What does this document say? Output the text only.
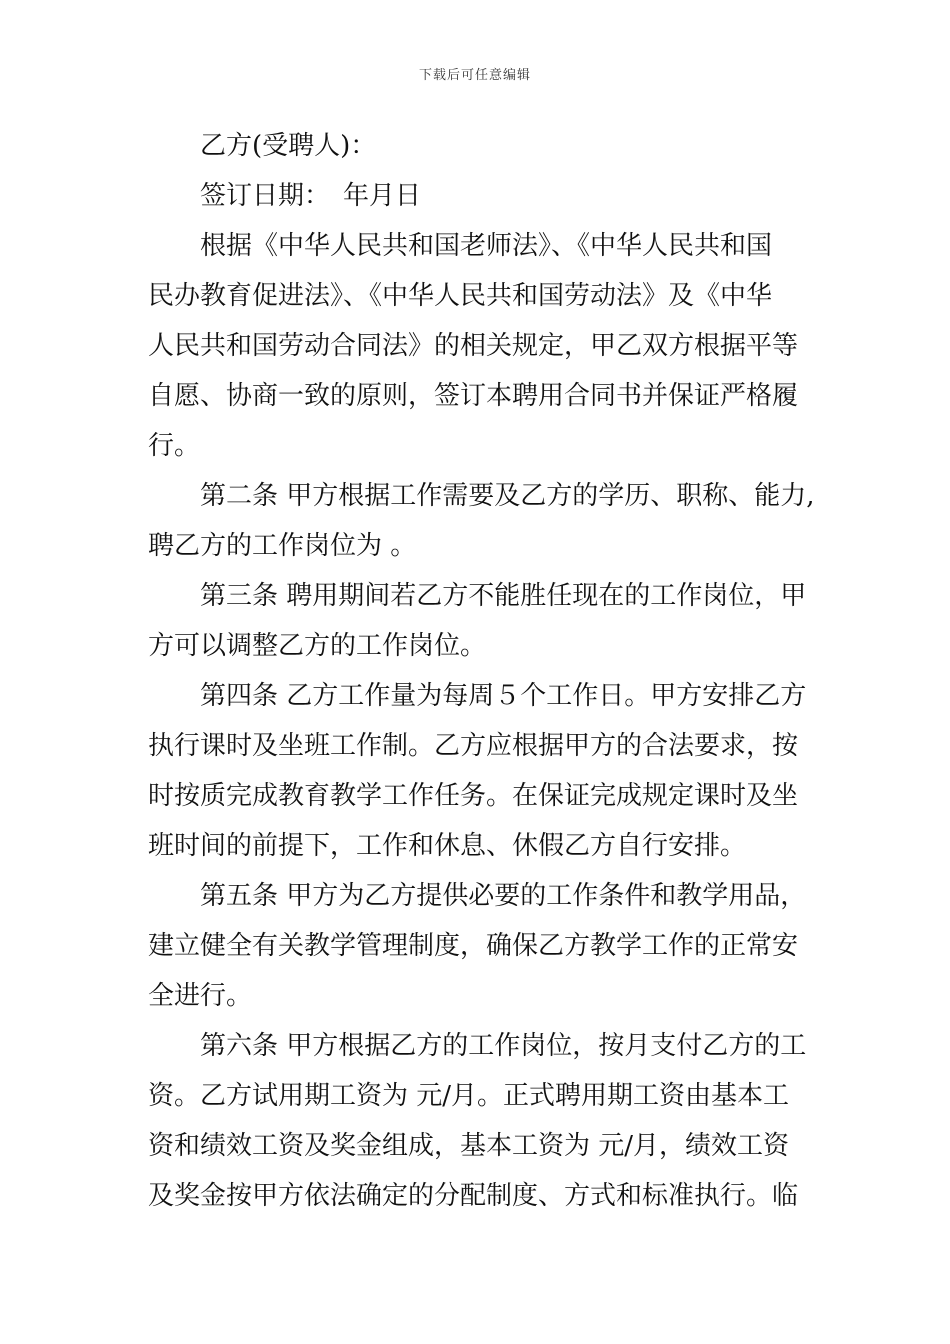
下载后可任意编辑
乙方(受聘人)：
签订日期：　年月日
根据《中华人民共和国老师法》、《中华人民共和国
民办教育促进法》、《中华人民共和国劳动法》及《中华
人民共和国劳动合同法》的相关规定，甲乙双方根据平等
自愿、协商一致的原则，签订本聘用合同书并保证严格履
行。
第二条 甲方根据工作需要及乙方的学历、职称、能力,
聘乙方的工作岗位为 。
第三条 聘用期间若乙方不能胜任现在的工作岗位，甲
方可以调整乙方的工作岗位。
第四条 乙方工作量为每周５个工作日。甲方安排乙方
执行课时及坐班工作制。乙方应根据甲方的合法要求，按
时按质完成教育教学工作任务。在保证完成规定课时及坐
班时间的前提下，工作和休息、休假乙方自行安排。
第五条 甲方为乙方提供必要的工作条件和教学用品，
建立健全有关教学管理制度，确保乙方教学工作的正常安
全进行。
第六条 甲方根据乙方的工作岗位，按月支付乙方的工
资。乙方试用期工资为 元/月。正式聘用期工资由基本工
资和绩效工资及奖金组成，基本工资为 元/月，绩效工资
及奖金按甲方依法确定的分配制度、方式和标准执行。临
